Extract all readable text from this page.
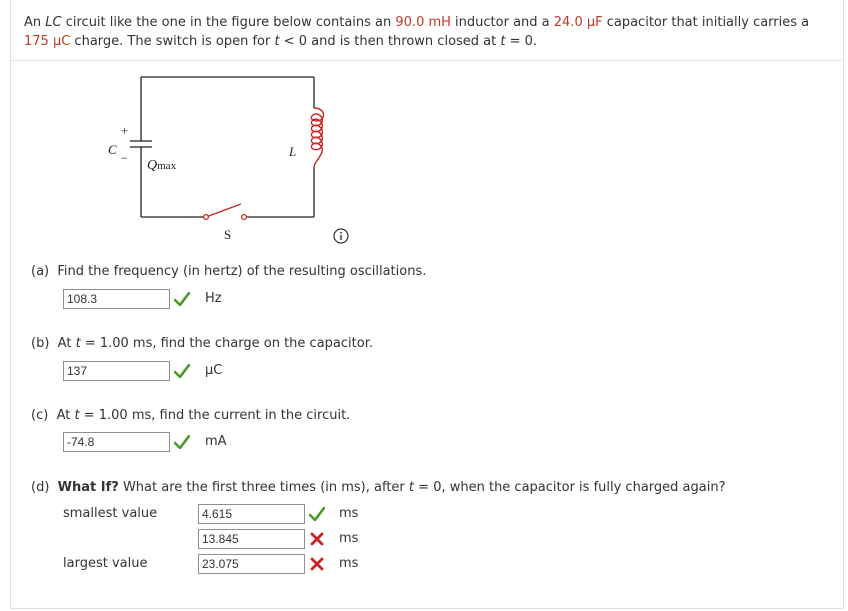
An LC circuit like the one in the figure below contains an 90.0 mH inductor and a 24.0 μF capacitor that initially carries a
175 μC charge. The switch is open for t < 0 and is then thrown closed at t = 0.
+
−
C
Qmax
L
S
(a) Find the frequency (in hertz) of the resulting oscillations.
108.3
Hz
(b) At t = 1.00 ms, find the charge on the capacitor.
137
μC
(c) At t = 1.00 ms, find the current in the circuit.
-74.8
mA
(d) What If? What are the first three times (in ms), after t = 0, when the capacitor is fully charged again?
smallest value
4.615	ms
13.845
ms
largest value
23.075	ms
